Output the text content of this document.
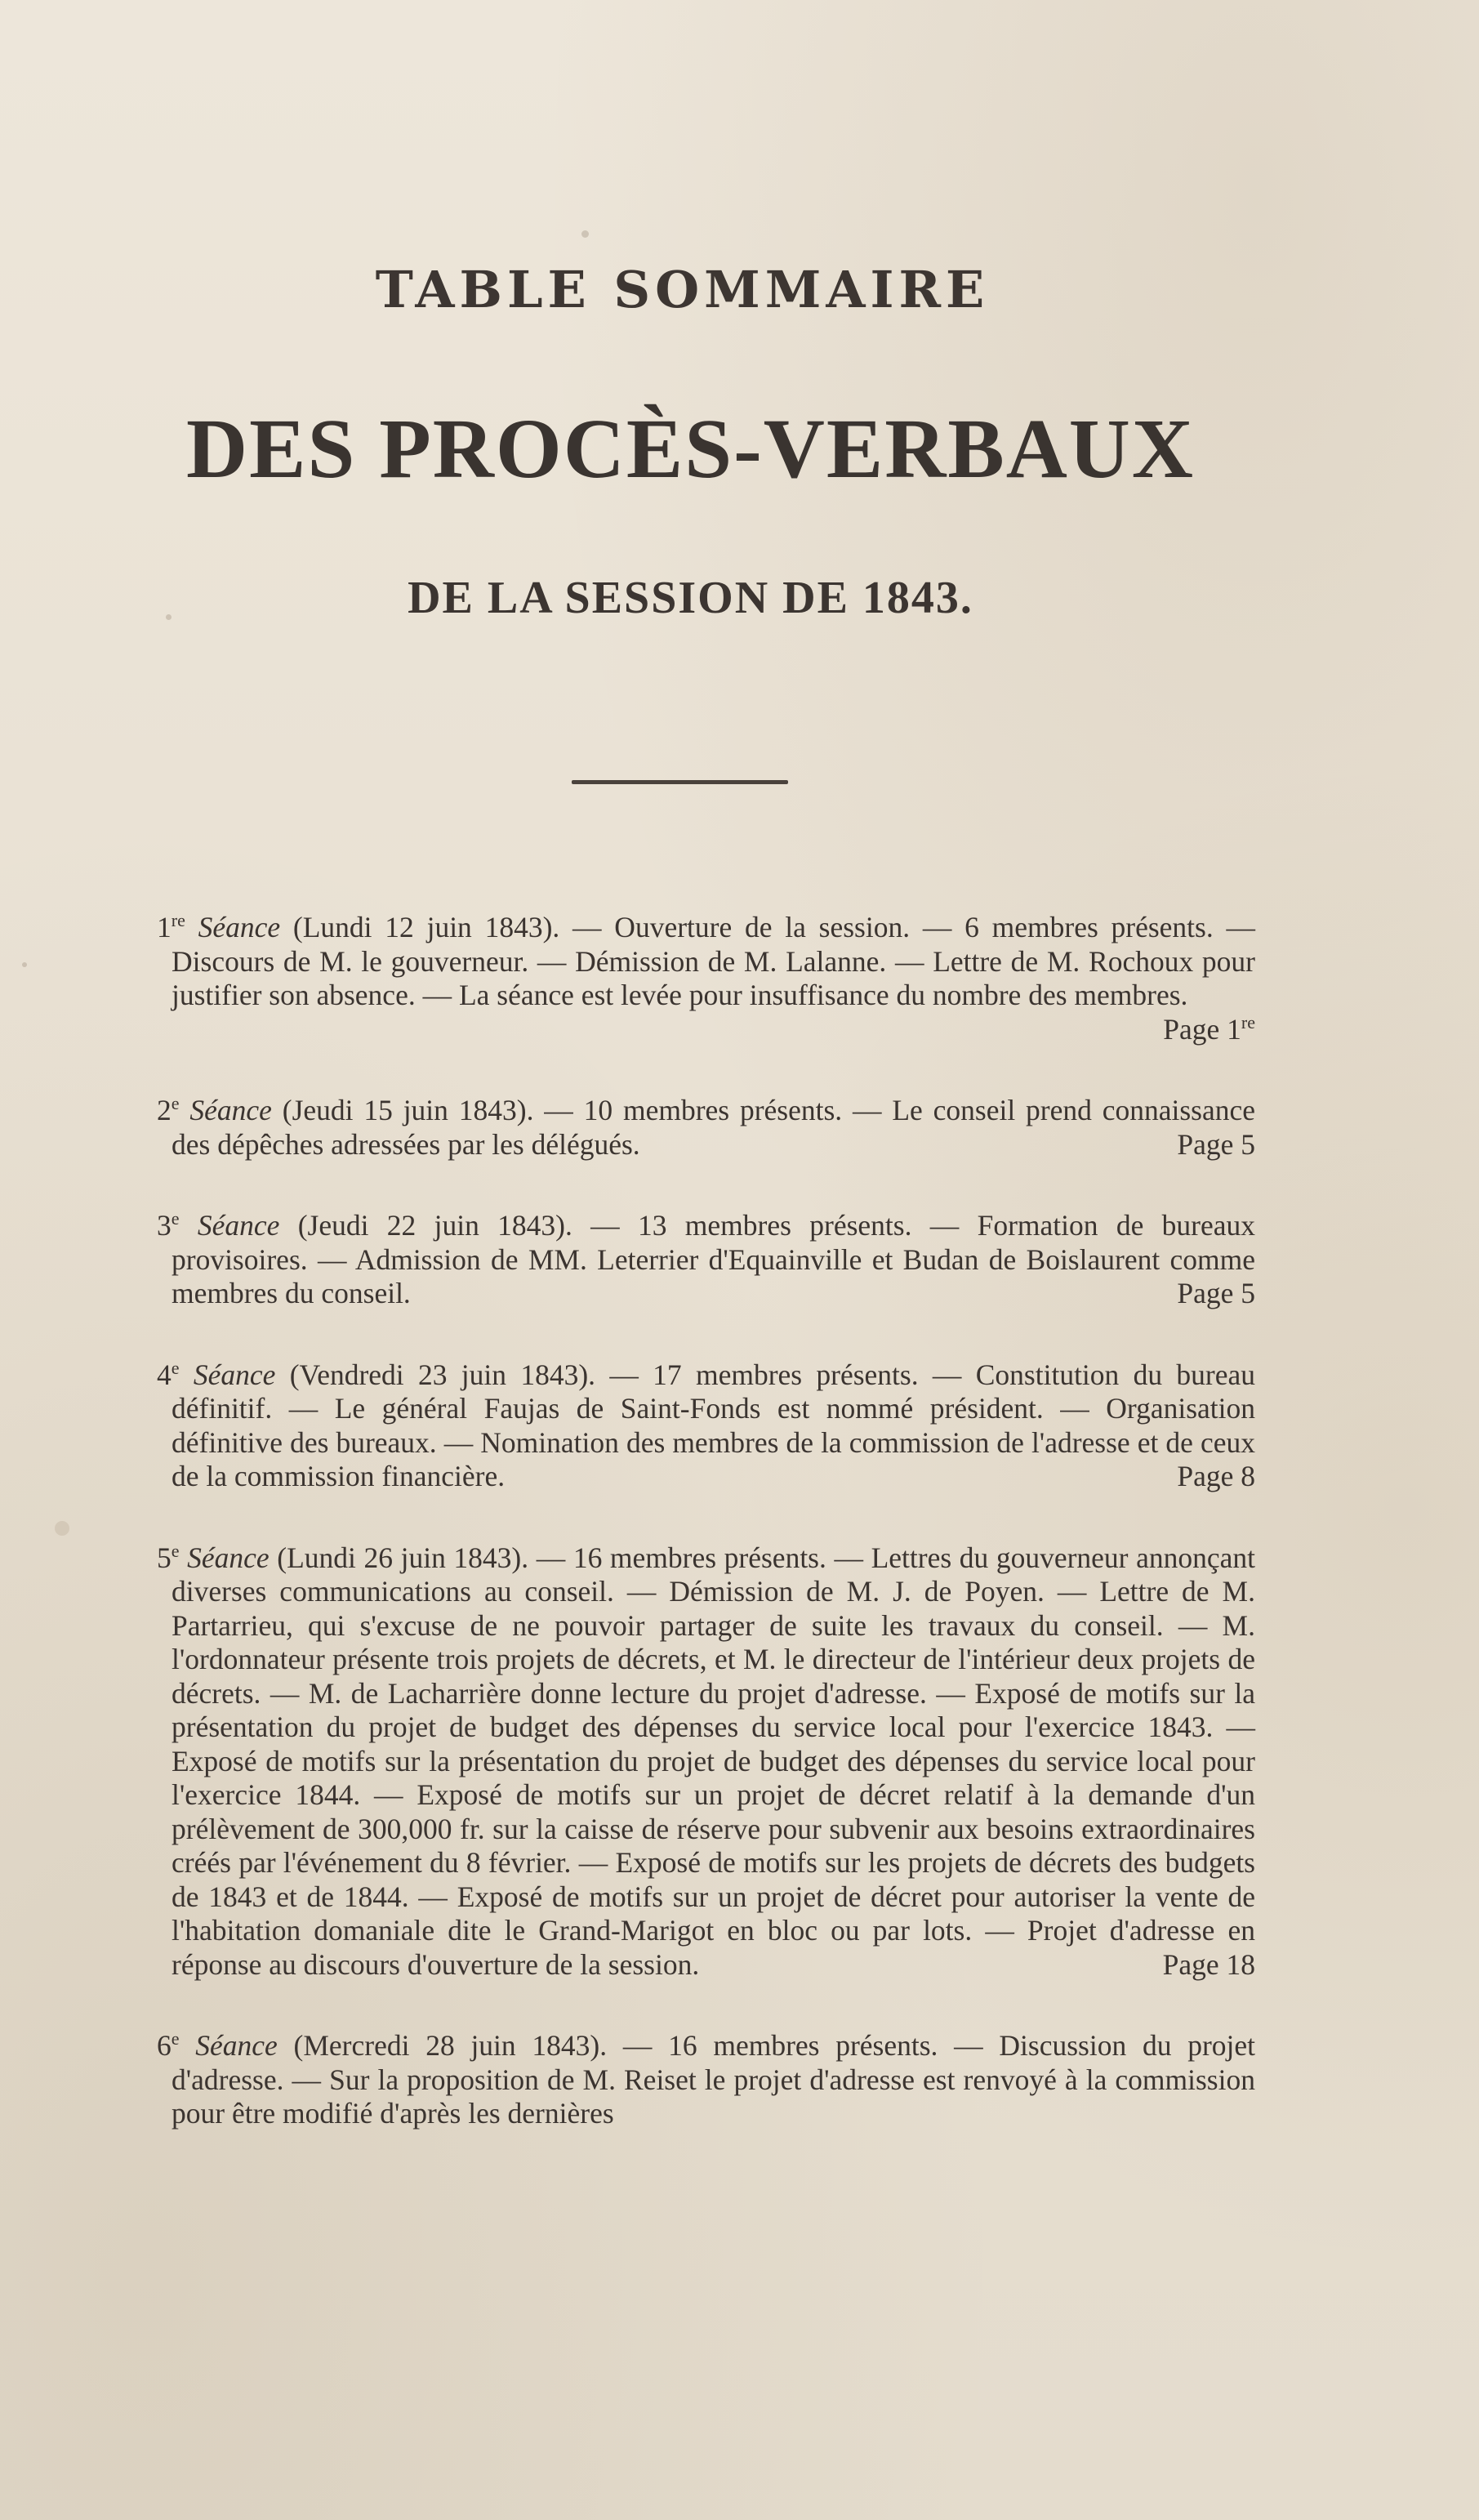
TABLE SOMMAIRE
DES PROCÈS-VERBAUX
DE LA SESSION DE 1843.

1re Séance (Lundi 12 juin 1843). — Ouverture de la session. — 6 membres présents. — Discours de M. le gouverneur. — Démission de M. Lalanne. — Lettre de M. Rochoux pour justifier son absence. — La séance est levée pour insuffisance du nombre des membres.
Page 1re

2e Séance (Jeudi 15 juin 1843). — 10 membres présents. — Le conseil prend connaissance des dépêches adressées par les délégués.	Page 5

3e Séance (Jeudi 22 juin 1843). — 13 membres présents. — Formation de bureaux provisoires. — Admission de MM. Leterrier d'Equainville et Budan de Boislaurent comme membres du conseil.	Page 5

4e Séance (Vendredi 23 juin 1843). — 17 membres présents. — Constitution du bureau définitif. — Le général Faujas de Saint-Fonds est nommé président. — Organisation définitive des bureaux. — Nomination des membres de la commission de l'adresse et de ceux de la commission financière.	Page 8

5e Séance (Lundi 26 juin 1843). — 16 membres présents. — Lettres du gouverneur annonçant diverses communications au conseil. — Démission de M. J. de Poyen. — Lettre de M. Partarrieu, qui s'excuse de ne pouvoir partager de suite les travaux du conseil. — M. l'ordonnateur présente trois projets de décrets, et M. le directeur de l'intérieur deux projets de décrets. — M. de Lacharrière donne lecture du projet d'adresse. — Exposé de motifs sur la présentation du projet de budget des dépenses du service local pour l'exercice 1843. — Exposé de motifs sur la présentation du projet de budget des dépenses du service local pour l'exercice 1844. — Exposé de motifs sur un projet de décret relatif à la demande d'un prélèvement de 300,000 fr. sur la caisse de réserve pour subvenir aux besoins extraordinaires créés par l'événement du 8 février. — Exposé de motifs sur les projets de décrets des budgets de 1843 et de 1844. — Exposé de motifs sur un projet de décret pour autoriser la vente de l'habitation domaniale dite le Grand-Marigot en bloc ou par lots. — Projet d'adresse en réponse au discours d'ouverture de la session.	Page 18

6e Séance (Mercredi 28 juin 1843). — 16 membres présents. — Discussion du projet d'adresse. — Sur la proposition de M. Reiset le projet d'adresse est renvoyé à la commission pour être modifié d'après les dernières
